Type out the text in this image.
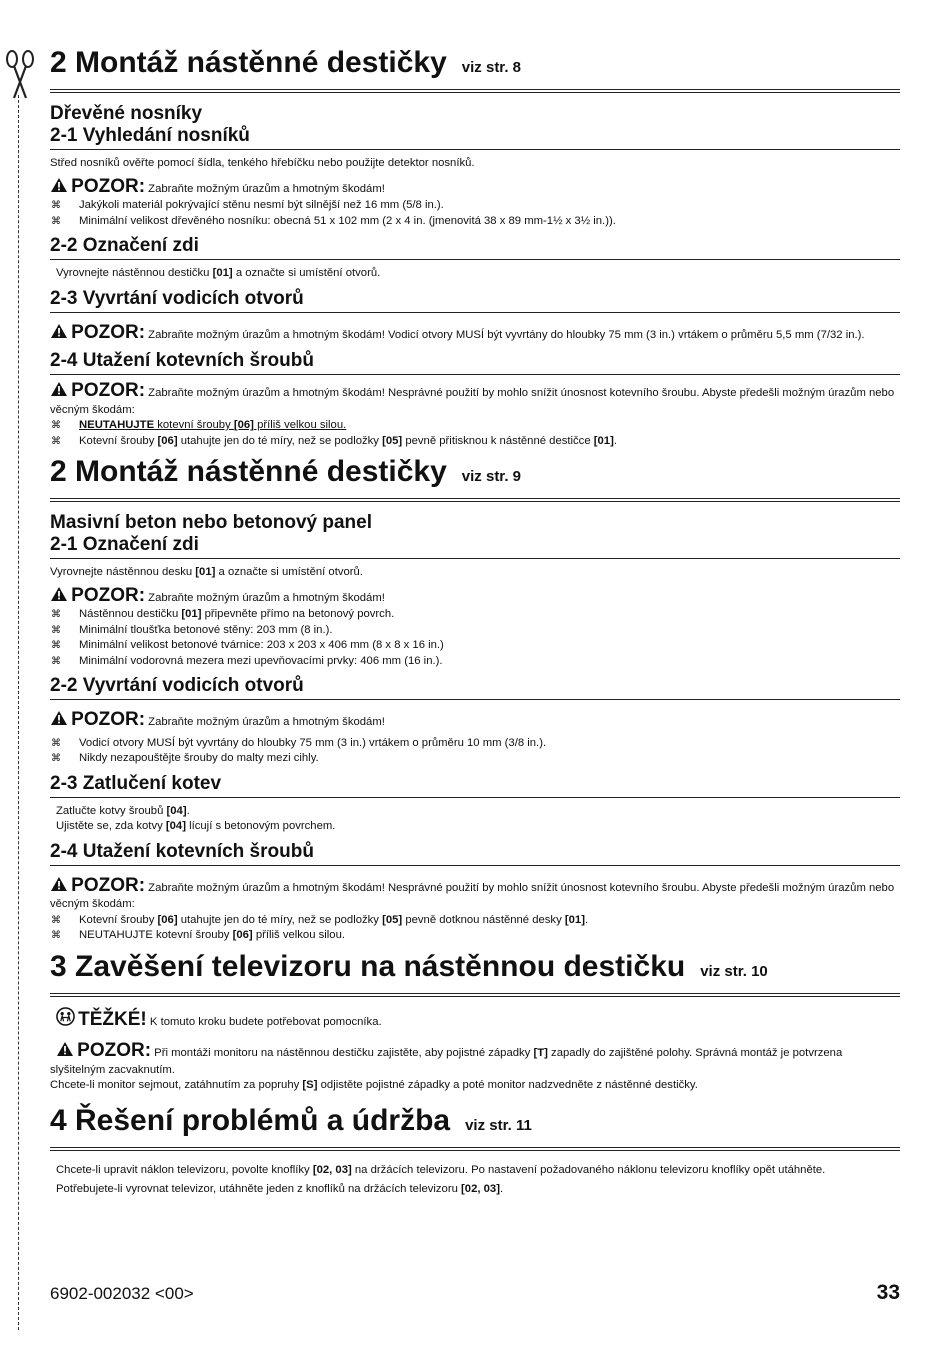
2 Montáž nástěnné destičky viz str. 8
Dřevěné nosníky
2-1 Vyhledání nosníků
Střed nosníků ověřte pomocí šídla, tenkého hřebíčku nebo použijte detektor nosníků.
POZOR: Zabraňte možným úrazům a hmotným škodám!
⌘ Jakýkoli materiál pokrývající stěnu nesmí být silnější než 16 mm (5/8 in.).
⌘ Minimální velikost dřevěného nosníku: obecná 51 x 102 mm (2 x 4 in. (jmenovitá 38 x 89 mm-1½ x 3½ in.)).
2-2 Označení zdi
Vyrovnejte nástěnnou destičku [01] a označte si umístění otvorů.
2-3 Vyvrtání vodicích otvorů
POZOR: Zabraňte možným úrazům a hmotným škodám! Vodicí otvory MUSÍ být vyvrtány do hloubky 75 mm (3 in.) vrtákem o průměru 5,5 mm (7/32 in.).
2-4 Utažení kotevních šroubů
POZOR: Zabraňte možným úrazům a hmotným škodám! Nesprávné použití by mohlo snížit únosnost kotevního šroubu. Abyste předešli možným úrazům nebo věcným škodám:
⌘ NEUTAHUJTE kotevní šrouby [06] příliš velkou silou.
⌘ Kotevní šrouby [06] utahujte jen do té míry, než se podložky [05] pevně přitisknou k nástěnné destičce [01].
2 Montáž nástěnné destičky viz str. 9
Masivní beton nebo betonový panel
2-1 Označení zdi
Vyrovnejte nástěnnou desku [01] a označte si umístění otvorů.
POZOR: Zabraňte možným úrazům a hmotným škodám!
⌘ Nástěnnou destičku [01] připevněte přímo na betonový povrch.
⌘ Minimální tloušťka betonové stěny: 203 mm (8 in.).
⌘ Minimální velikost betonové tvárnice: 203 x 203 x 406 mm (8 x 8 x 16 in.)
⌘ Minimální vodorovná mezera mezi upevňovacími prvky: 406 mm (16 in.).
2-2 Vyvrtání vodicích otvorů
POZOR: Zabraňte možným úrazům a hmotným škodám!
⌘ Vodicí otvory MUSÍ být vyvrtány do hloubky 75 mm (3 in.) vrtákem o průměru 10 mm (3/8 in.).
⌘ Nikdy nezapouštějte šrouby do malty mezi cihly.
2-3 Zatlučení kotev
Zatlučte kotvy šroubů [04].
Ujistěte se, zda kotvy [04] lícují s betonovým povrchem.
2-4 Utažení kotevních šroubů
POZOR: Zabraňte možným úrazům a hmotným škodám! Nesprávné použití by mohlo snížit únosnost kotevního šroubu. Abyste předešli možným úrazům nebo věcným škodám:
⌘ Kotevní šrouby [06] utahujte jen do té míry, než se podložky [05] pevně dotknou nástěnné desky [01].
⌘ NEUTAHUJTE kotevní šrouby [06] příliš velkou silou.
3 Zavěšení televizoru na nástěnnou destičku viz str. 10
TĚŽKÉ! K tomuto kroku budete potřebovat pomocníka.
POZOR: Při montáži monitoru na nástěnnou destičku zajistěte, aby pojistné západky [T] zapadly do zajištěné polohy. Správná montáž je potvrzena slyšitelným zacvaknutím.
Chcete-li monitor sejmout, zatáhnutím za popruhy [S] odjistěte pojistné západky a poté monitor nadzvedněte z nástěnné destičky.
4 Řešení problémů a údržba viz str. 11
Chcete-li upravit náklon televizoru, povolte knoflíky [02, 03] na držácích televizoru. Po nastavení požadovaného náklonu televizoru knoflíky opět utáhněte.
Potřebujete-li vyrovnat televizor, utáhněte jeden z knoflíků na držácích televizoru [02, 03].
6902-002032 <00>	33
